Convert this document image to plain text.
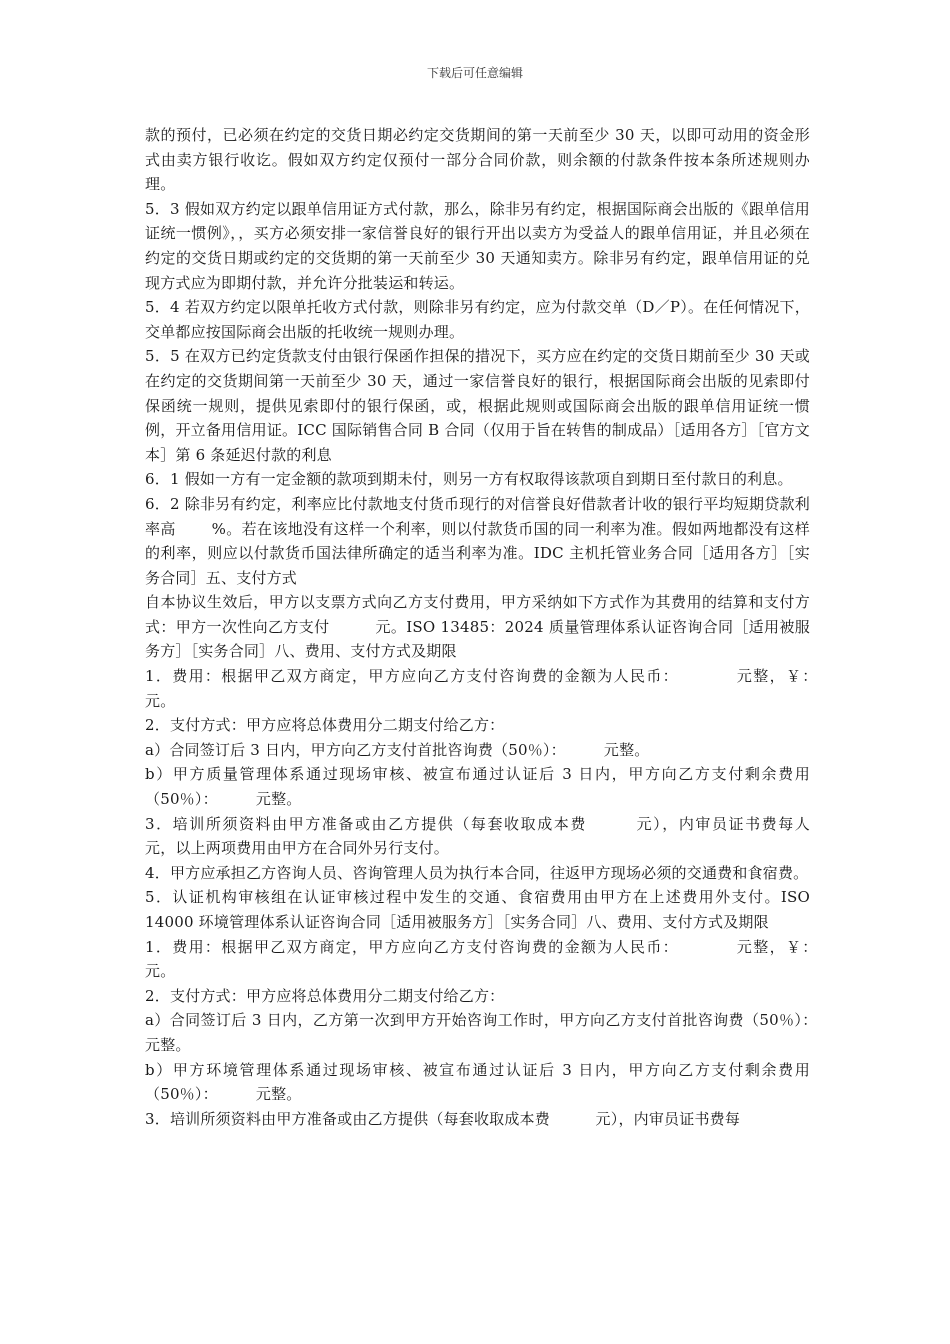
下载后可任意编辑

款的预付，已必须在约定的交货日期必约定交货期间的第一天前至少 30 天，以即可动用的资金形式由卖方银行收讫。假如双方约定仅预付一部分合同价款，则余额的付款条件按本条所述规则办理。

5．3 假如双方约定以跟单信用证方式付款，那么，除非另有约定，根据国际商会出版的《跟单信用证统一惯例》，，买方必须安排一家信誉良好的银行开出以卖方为受益人的跟单信用证，并且必须在约定的交货日期或约定的交货期的第一天前至少 30 天通知卖方。除非另有约定，跟单信用证的兑现方式应为即期付款，并允许分批装运和转运。

5．4 若双方约定以限单托收方式付款，则除非另有约定，应为付款交单（D／P）。在任何情况下，交单都应按国际商会出版的托收统一规则办理。

5．5 在双方已约定货款支付由银行保函作担保的措况下，买方应在约定的交货日期前至少 30 天或在约定的交货期间第一天前至少 30 天，通过一家信誉良好的银行，根据国际商会出版的见索即付保函统一规则，提供见索即付的银行保函，或，根据此规则或国际商会出版的跟单信用证统一惯例，开立备用信用证。ICC 国际销售合同 B 合同（仅用于旨在转售的制成品）［适用各方］［官方文本］第 6 条延迟付款的利息

6．1 假如一方有一定金额的款项到期未付，则另一方有权取得该款项自到期日至付款日的利息。

6．2 除非另有约定，利率应比付款地支付货币现行的对信誉良好借款者计收的银行平均短期贷款利率高　　 %。若在该地没有这样一个利率，则以付款货币国的同一利率为准。假如两地都没有这样的利率，则应以付款货币国法律所确定的适当利率为准。IDC 主机托管业务合同［适用各方］［实务合同］五、支付方式

自本协议生效后，甲方以支票方式向乙方支付费用，甲方采纳如下方式作为其费用的结算和支付方式：甲方一次性向乙方支付　　　元。ISO 13485：2024 质量管理体系认证咨询合同［适用被服务方］［实务合同］八、费用、支付方式及期限

1．费用：根据甲乙双方商定，甲方应向乙方支付咨询费的金额为人民币：　　　　元整，￥：　　元。

2．支付方式：甲方应将总体费用分二期支付给乙方：

a）合同签订后 3 日内，甲方向乙方支付首批咨询费（50％）：　　　元整。

b）甲方质量管理体系通过现场审核、被宣布通过认证后 3 日内，甲方向乙方支付剩余费用（50％）：　　　元整。

3．培训所须资料由甲方准备或由乙方提供（每套收取成本费　　　元），内审员证书费每人　　　元，以上两项费用由甲方在合同外另行支付。

4．甲方应承担乙方咨询人员、咨询管理人员为执行本合同，往返甲方现场必须的交通费和食宿费。

5．认证机构审核组在认证审核过程中发生的交通、食宿费用由甲方在上述费用外支付。ISO 14000 环境管理体系认证咨询合同［适用被服务方］［实务合同］八、费用、支付方式及期限

1．费用：根据甲乙双方商定，甲方应向乙方支付咨询费的金额为人民币：　　　　元整，￥：　　元。

2．支付方式：甲方应将总体费用分二期支付给乙方：

a）合同签订后 3 日内，乙方第一次到甲方开始咨询工作时，甲方向乙方支付首批咨询费（50％）：　　　元整。

b）甲方环境管理体系通过现场审核、被宣布通过认证后 3 日内，甲方向乙方支付剩余费用（50％）：　　　元整。

3．培训所须资料由甲方准备或由乙方提供（每套收取成本费　　　元），内审员证书费每
